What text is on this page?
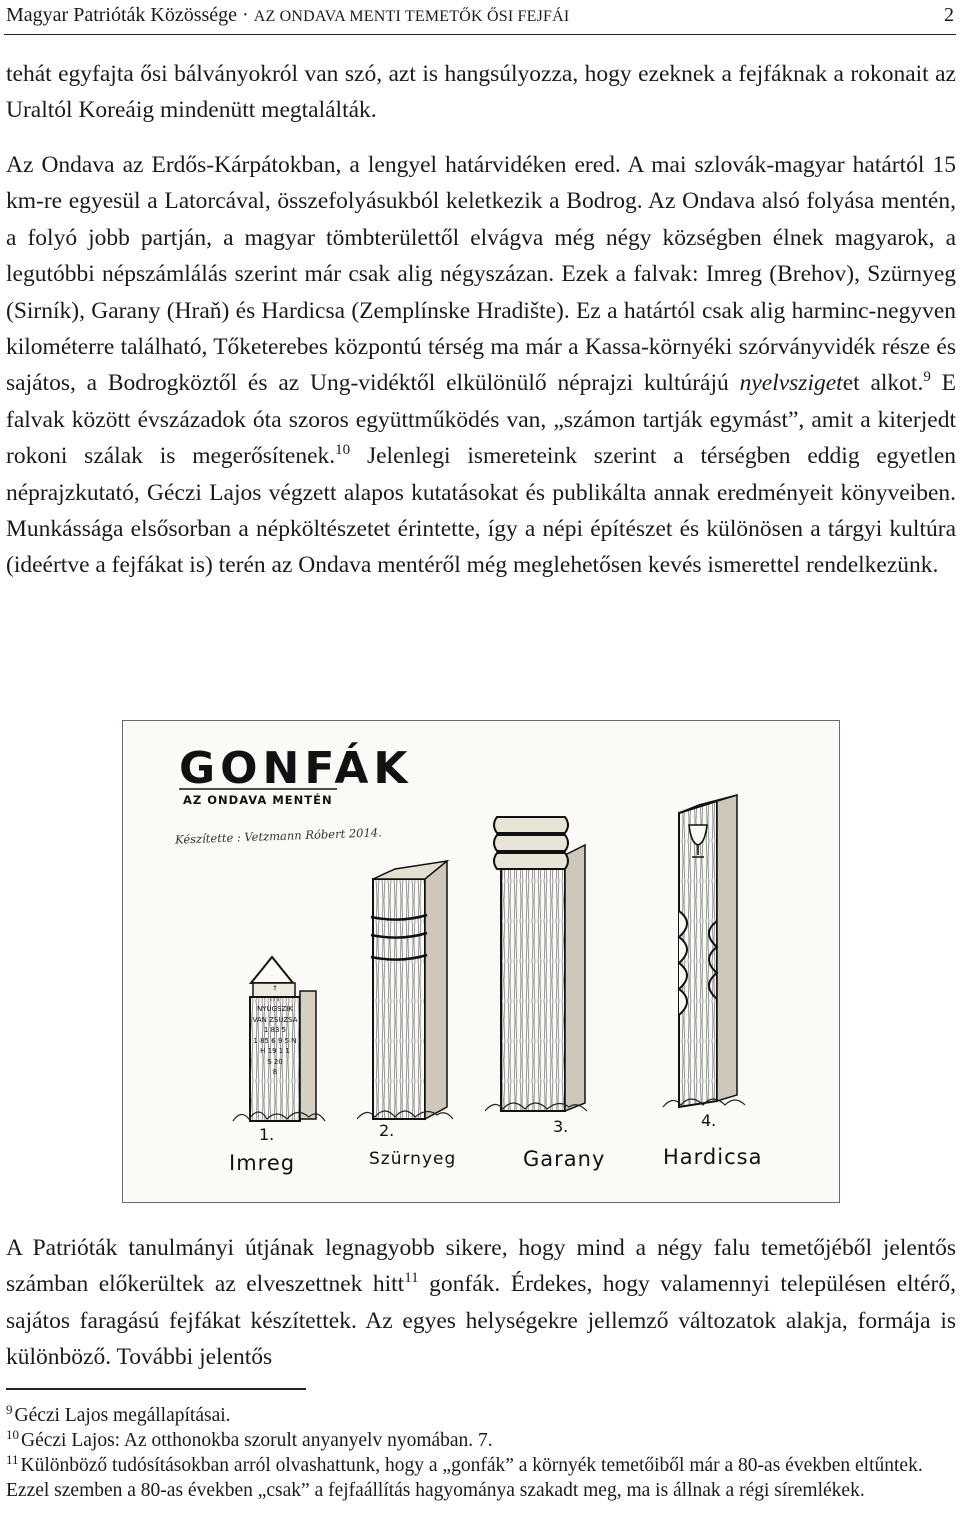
Magyar Patrióták Közössége · AZ ONDAVA MENTI TEMETŐK ŐSI FEJFÁI	2

tehát egyfajta ősi bálványokról van szó, azt is hangsúlyozza, hogy ezeknek a fejfáknak a rokonait az Uraltól Koreáig mindenütt megtalálták.

Az Ondava az Erdős-Kárpátokban, a lengyel határvidéken ered. A mai szlovák-magyar határtól 15 km-re egyesül a Latorcával, összefolyásukból keletkezik a Bodrog. Az Ondava alsó folyása mentén, a folyó jobb partján, a magyar tömbterülettől elvágva még négy községben élnek magyarok, a legutóbbi népszámlálás szerint már csak alig négyszázan. Ezek a falvak: Imreg (Brehov), Szürnyeg (Sirník), Garany (Hraň) és Hardicsa (Zemplínske Hradište). Ez a határtól csak alig harminc-negyven kilométerre található, Tőketerebes központú térség ma már a Kassa-környéki szórványvidék része és sajátos, a Bodrogköztől és az Ung-vidéktől elkülönülő néprajzi kultúrájú nyelvszigetet alkot.$^9$ E falvak között évszázadok óta szoros együttműködés van, „számon tartják egymást”, amit a kiterjedt rokoni szálak is megerősítenek.$^{10}$ Jelenlegi ismereteink szerint a térségben eddig egyetlen néprajzkutató, Géczi Lajos végzett alapos kutatásokat és publikálta annak eredményeit könyveiben. Munkássága elsősorban a népköltészetet érintette, így a népi építészet és különösen a tárgyi kultúra (ideértve a fejfákat is) terén az Ondava mentéről még meglehetősen kevés ismerettel rendelkezünk.

GONFÁK
AZ ONDAVA MENTÉN
Készítette : Vetzmann Róbert 2014.
†
ITT NYUGSZIK
VAN ZSUZSA
1 83 5
1 85 6 9 5 N
H 19 1 1
S 20
8
1.
Imreg
2.
Szürnyeg
3.
Garany
4.
Hardicsa

A Patrióták tanulmányi útjának legnagyobb sikere, hogy mind a négy falu temetőjéből jelentős számban előkerültek az elveszettnek hitt$^{11}$ gonfák. Érdekes, hogy valamennyi településen eltérő, sajátos faragású fejfákat készítettek. Az egyes helységekre jellemző változatok alakja, formája is különböző. További jelentős

$^9$ Géczi Lajos megállapításai.
$^{10}$ Géczi Lajos: Az otthonokba szorult anyanyelv nyomában. 7.
$^{11}$ Különböző tudósításokban arról olvashattunk, hogy a „gonfák” a környék temetőiből már a 80-as években eltűntek. Ezzel szemben a 80-as években „csak” a fejfaállítás hagyománya szakadt meg, ma is állnak a régi síremlékek.
